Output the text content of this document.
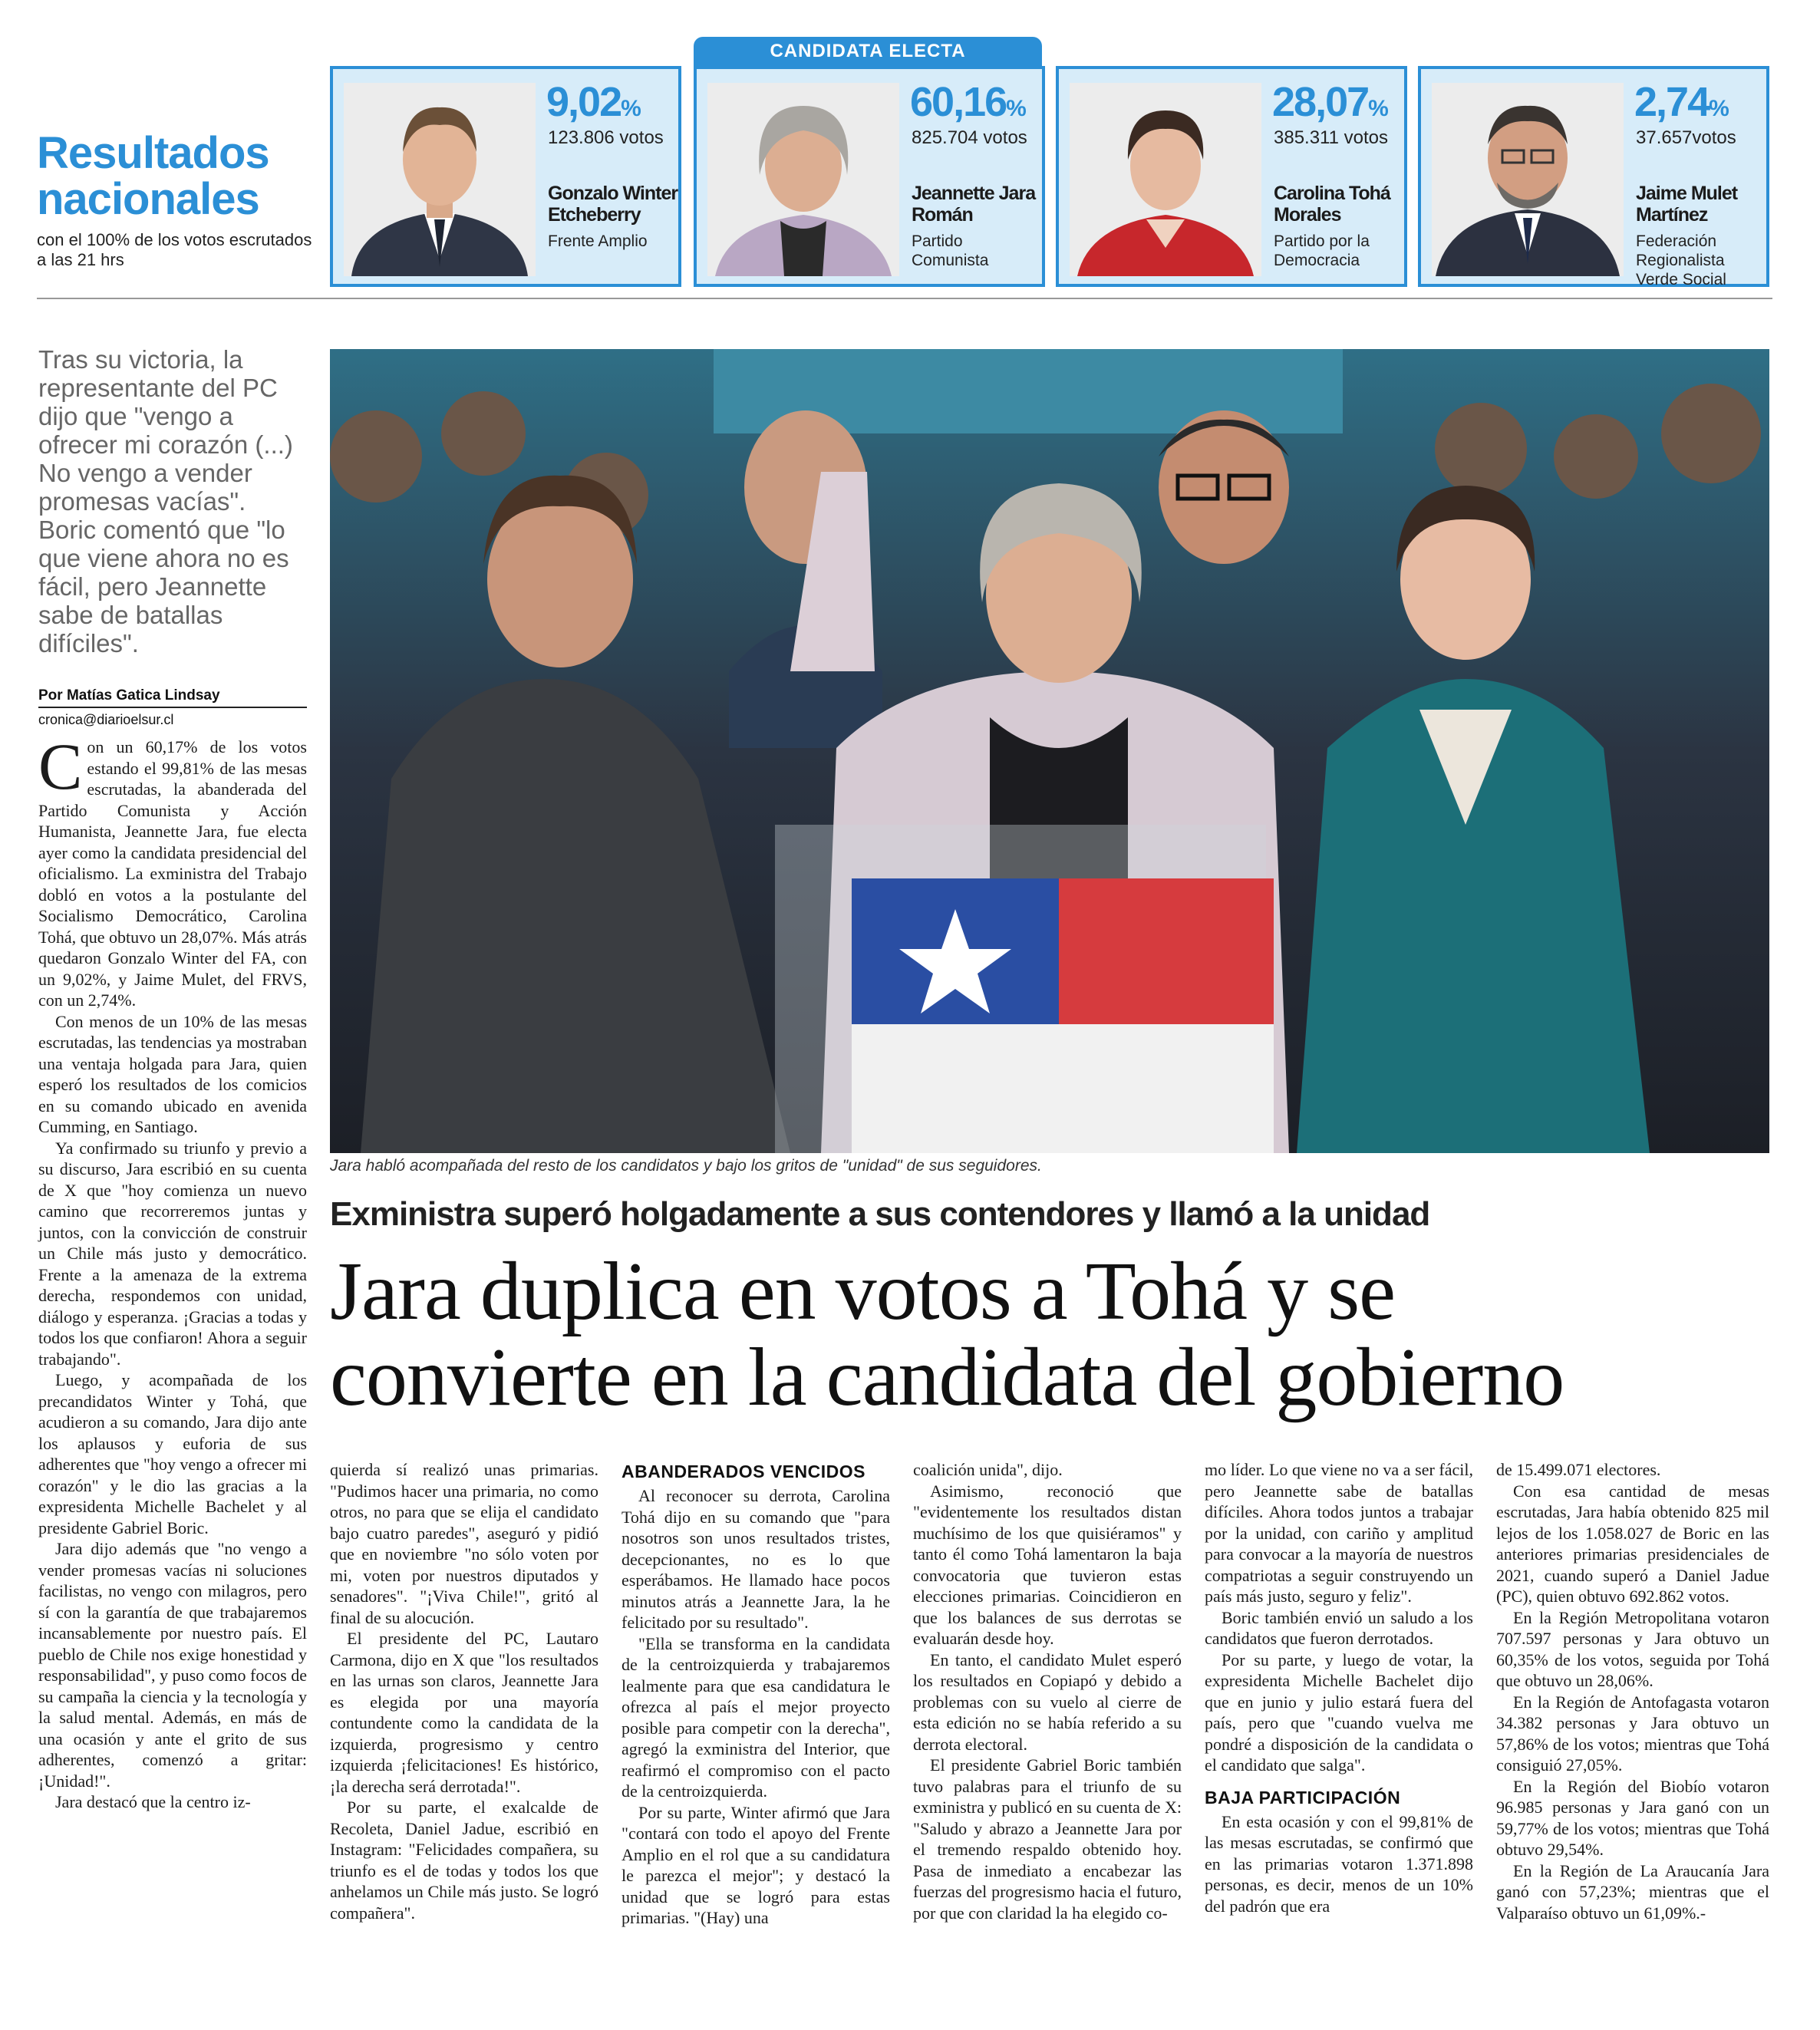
Resultados
nacionales
con el 100% de los votos escrutados a las 21 hrs
CANDIDATA ELECTA
9,02%
123.806 votos
Gonzalo Winter Etcheberry
Frente Amplio
60,16%
825.704 votos
Jeannette Jara Román
Partido Comunista
28,07%
385.311 votos
Carolina Tohá Morales
Partido por la Democracia
2,74%
37.657votos
Jaime Mulet Martínez
Federación Regionalista Verde Social
Tras su victoria, la representante del PC dijo que "vengo a ofrecer mi corazón (...) No vengo a vender promesas vacías". Boric comentó que "lo que viene ahora no es fácil, pero Jeannette sabe de batallas difíciles".
Por Matías Gatica Lindsay
cronica@diarioelsur.cl
Jara habló acompañada del resto de los candidatos y bajo los gritos de "unidad" de sus seguidores.
Exministra superó holgadamente a sus contendores y llamó a la unidad
Jara duplica en votos a Tohá y se
convierte en la candidata del gobierno

Con un 60,17% de los votos estando el 99,81% de las mesas escrutadas, la abanderada del Partido Comunista y Acción Humanista, Jeannette Jara, fue electa ayer como la candidata presidencial del oficialismo. La exministra del Trabajo dobló en votos a la postulante del Socialismo Democrático, Carolina Tohá, que obtuvo un 28,07%. Más atrás quedaron Gonzalo Winter del FA, con un 9,02%, y Jaime Mulet, del FRVS, con un 2,74%.

Con menos de un 10% de las mesas escrutadas, las tendencias ya mostraban una ventaja holgada para Jara, quien esperó los resultados de los comicios en su comando ubicado en avenida Cumming, en Santiago.

Ya confirmado su triunfo y previo a su discurso, Jara escribió en su cuenta de X que "hoy comienza un nuevo camino que recorreremos juntas y juntos, con la convicción de construir un Chile más justo y democrático. Frente a la amenaza de la extrema derecha, respondemos con unidad, diálogo y esperanza. ¡Gracias a todas y todos los que confiaron! Ahora a seguir trabajando".

Luego, y acompañada de los precandidatos Winter y Tohá, que acudieron a su comando, Jara dijo ante los aplausos y euforia de sus adherentes que "hoy vengo a ofrecer mi corazón" y le dio las gracias a la expresidenta Michelle Bachelet y al presidente Gabriel Boric.

Jara dijo además que "no vengo a vender promesas vacías ni soluciones facilistas, no vengo con milagros, pero sí con la garantía de que trabajaremos incansablemente por nuestro país. El pueblo de Chile nos exige honestidad y responsabilidad", y puso como focos de su campaña la ciencia y la tecnología y la salud mental. Además, en más de una ocasión y ante el grito de sus adherentes, comenzó a gritar: ¡Unidad!".

Jara destacó que la centro iz-

quierda sí realizó unas primarias. "Pudimos hacer una primaria, no como otros, no para que se elija el candidato bajo cuatro paredes", aseguró y pidió que en noviembre "no sólo voten por mi, voten por nuestros diputados y senadores". "¡Viva Chile!", gritó al final de su alocución.

El presidente del PC, Lautaro Carmona, dijo en X que "los resultados en las urnas son claros, Jeannette Jara es elegida por una mayoría contundente como la candidata de la izquierda, progresismo y centro izquierda ¡felicitaciones! Es histórico, ¡la derecha será derrotada!".

Por su parte, el exalcalde de Recoleta, Daniel Jadue, escribió en Instagram: "Felicidades compañera, su triunfo es el de todas y todos los que anhelamos un Chile más justo. Se logró compañera".

ABANDERADOS VENCIDOS

Al reconocer su derrota, Carolina Tohá dijo en su comando que "para nosotros son unos resultados tristes, decepcionantes, no es lo que esperábamos. He llamado hace pocos minutos atrás a Jeannette Jara, la he felicitado por su resultado".

"Ella se transforma en la candidata de la centroizquierda y trabajaremos lealmente para que esa candidatura le ofrezca al país el mejor proyecto posible para competir con la derecha", agregó la exministra del Interior, que reafirmó el compromiso con el pacto de la centroizquierda.

Por su parte, Winter afirmó que Jara "contará con todo el apoyo del Frente Amplio en el rol que a su candidatura le parezca el mejor"; y destacó la unidad que se logró para estas primarias. "(Hay) una

coalición unida", dijo.

Asimismo, reconoció que "evidentemente los resultados distan muchísimo de los que quisiéramos" y tanto él como Tohá lamentaron la baja convocatoria que tuvieron estas elecciones primarias. Coincidieron en que los balances de sus derrotas se evaluarán desde hoy.

En tanto, el candidato Mulet esperó los resultados en Copiapó y debido a problemas con su vuelo al cierre de esta edición no se había referido a su derrota electoral.

El presidente Gabriel Boric también tuvo palabras para el triunfo de su exministra y publicó en su cuenta de X: "Saludo y abrazo a Jeannette Jara por el tremendo respaldo obtenido hoy. Pasa de inmediato a encabezar las fuerzas del progresismo hacia el futuro, por que con claridad la ha elegido co-

mo líder. Lo que viene no va a ser fácil, pero Jeannette sabe de batallas difíciles. Ahora todos juntos a trabajar por la unidad, con cariño y amplitud para convocar a la mayoría de nuestros compatriotas a seguir construyendo un país más justo, seguro y feliz".

Boric también envió un saludo a los candidatos que fueron derrotados.

Por su parte, y luego de votar, la expresidenta Michelle Bachelet dijo que en junio y julio estará fuera del país, pero que "cuando vuelva me pondré a disposición de la candidata o el candidato que salga".

BAJA PARTICIPACIÓN

En esta ocasión y con el 99,81% de las mesas escrutadas, se confirmó que en las primarias votaron 1.371.898 personas, es decir, menos de un 10% del padrón que era

de 15.499.071 electores.

Con esa cantidad de mesas escrutadas, Jara había obtenido 825 mil lejos de los 1.058.027 de Boric en las anteriores primarias presidenciales de 2021, cuando superó a Daniel Jadue (PC), quien obtuvo 692.862 votos.

En la Región Metropolitana votaron 707.597 personas y Jara obtuvo un 60,35% de los votos, seguida por Tohá que obtuvo un 28,06%.

En la Región de Antofagasta votaron 34.382 personas y Jara obtuvo un 57,86% de los votos; mientras que Tohá consiguió 27,05%.

En la Región del Biobío votaron 96.985 personas y Jara ganó con un 59,77% de los votos; mientras que Tohá obtuvo 29,54%.

En la Región de La Araucanía Jara ganó con 57,23%; mientras que el Valparaíso obtuvo un 61,09%.-
